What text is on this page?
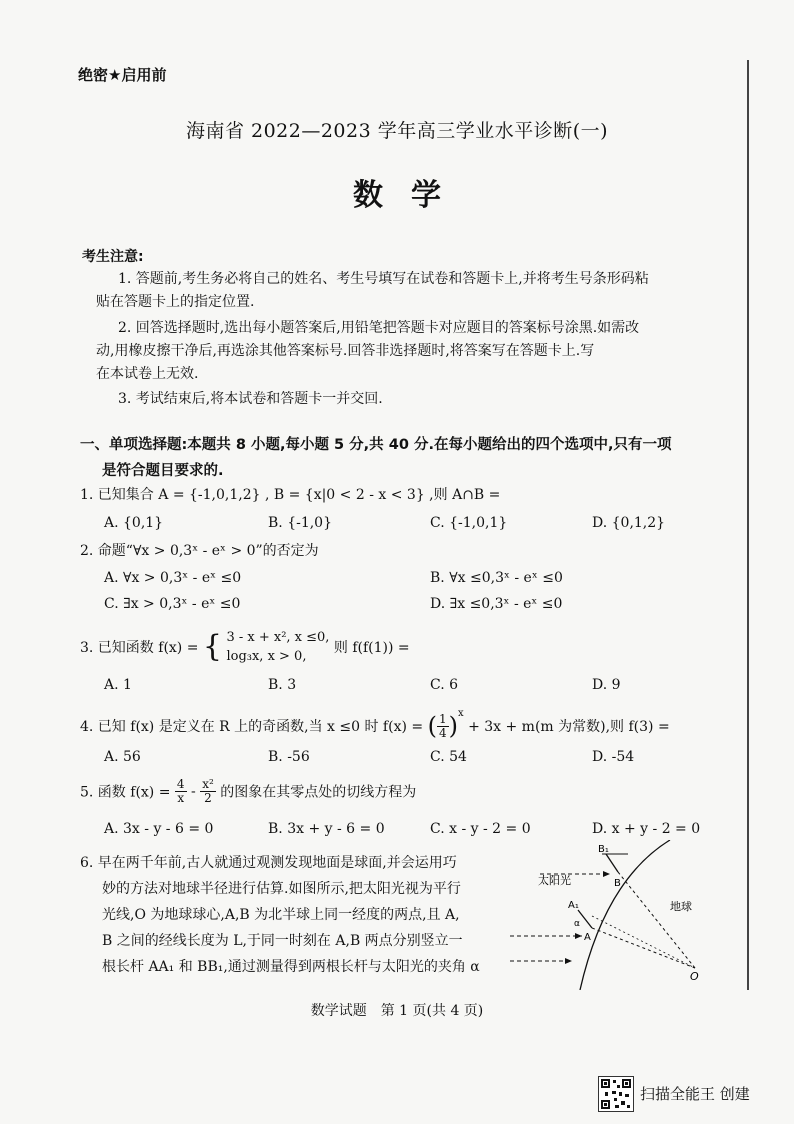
绝密★启用前
海南省 2022—2023 学年高三学业水平诊断(一)
数学
考生注意:
1. 答题前,考生务必将自己的姓名、考生号填写在试卷和答题卡上,并将考生号条形码粘
贴在答题卡上的指定位置.
2. 回答选择题时,选出每小题答案后,用铅笔把答题卡对应题目的答案标号涂黑.如需改
动,用橡皮擦干净后,再选涂其他答案标号.回答非选择题时,将答案写在答题卡上.写
在本试卷上无效.
3. 考试结束后,将本试卷和答题卡一并交回.
一、单项选择题:本题共 8 小题,每小题 5 分,共 40 分.在每小题给出的四个选项中,只有一项
是符合题目要求的.
1. 已知集合 A = {-1,0,1,2} , B = {x|0 < 2 - x < 3} ,则 A∩B =
A. {0,1}	B. {-1,0}	C. {-1,0,1}	D. {0,1,2}
2. 命题“∀x > 0,3ˣ - eˣ > 0”的否定为
A. ∀x > 0,3ˣ - eˣ ≤0	B. ∀x ≤0,3ˣ - eˣ ≤0
C. ∃x > 0,3ˣ - eˣ ≤0	D. ∃x ≤0,3ˣ - eˣ ≤0
3. 已知函数 f(x) = { 3 - x + x², x ≤0,
log₃x, x > 0,
则 f(f(1)) =
A. 1	B. 3	C. 6	D. 9
4. 已知 f(x) 是定义在 R 上的奇函数,当 x ≤0 时 f(x) = ( $\frac{1}{4} )^x + 3x + m(m$ 为常数),则 f(3) =
A. 56	B. -56	C. 54	D. -54
5. 函数 $f(x) = \frac{4}{x} - \frac{\text{x²}}{2}$ 的图象在其零点处的切线方程为
A. 3x - y - 6 = 0	B. 3x + y - 6 = 0	C. x - y - 2 = 0	D. x + y - 2 = 0
6. 早在两千年前,古人就通过观测发现地面是球面,并会运用巧
妙的方法对地球半径进行估算.如图所示,把太阳光视为平行
光线,O 为地球球心,A,B 为北半球上同一经度的两点,且 A,
B 之间的经线长度为 L,于同一时刻在 A,B 两点分别竖立一
根长杆 AA₁ 和 BB₁,通过测量得到两根长杆与太阳光的夹角 α
B₁
B
太阳光
A₁
A
α
地球
O
数学试题　第 1 页(共 4 页)
扫描全能王 创建
